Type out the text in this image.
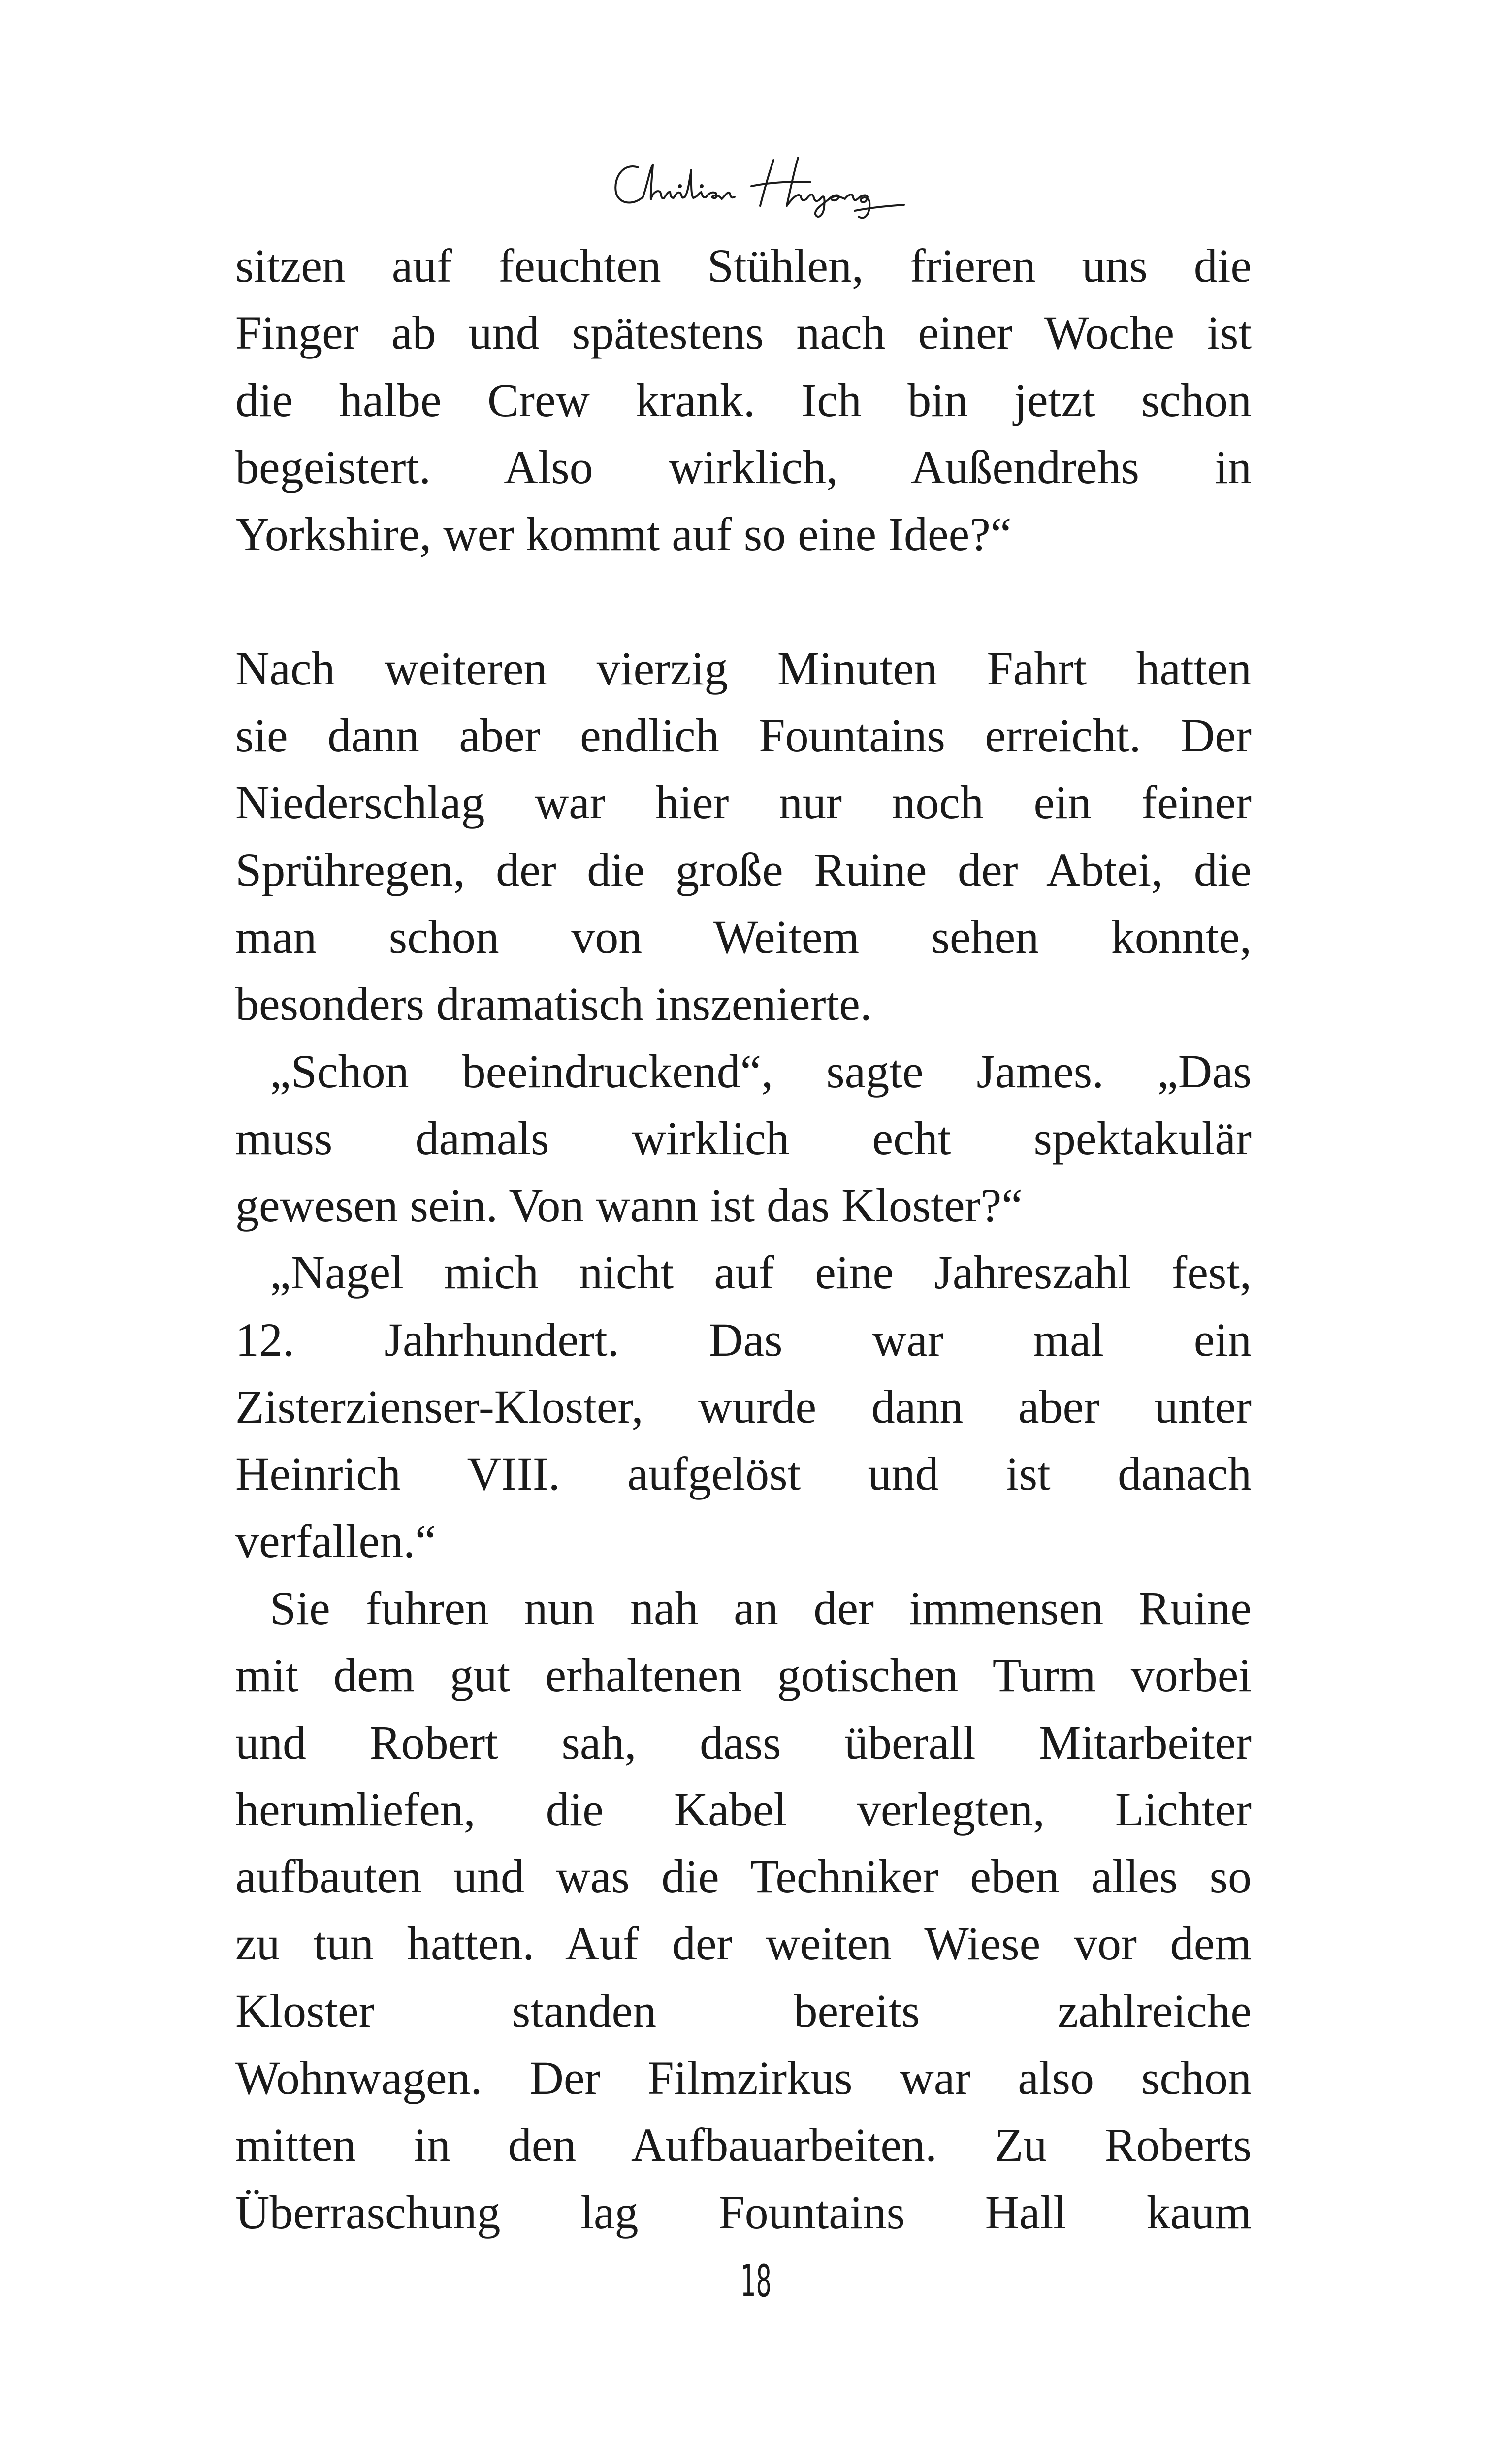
sitzen auf feuchten Stühlen, frieren uns die
Finger ab und spätestens nach einer Woche ist
die halbe Crew krank. Ich bin jetzt schon
begeistert. Also wirklich, Außendrehs in
Yorkshire, wer kommt auf so eine Idee?“
Nach weiteren vierzig Minuten Fahrt hatten
sie dann aber endlich Fountains erreicht. Der
Niederschlag war hier nur noch ein feiner
Sprühregen, der die große Ruine der Abtei, die
man schon von Weitem sehen konnte,
besonders dramatisch inszenierte.
„Schon beeindruckend“, sagte James. „Das
muss damals wirklich echt spektakulär
gewesen sein. Von wann ist das Kloster?“
„Nagel mich nicht auf eine Jahreszahl fest,
12. Jahrhundert. Das war mal ein
Zisterzienser-Kloster, wurde dann aber unter
Heinrich VIII. aufgelöst und ist danach
verfallen.“
Sie fuhren nun nah an der immensen Ruine
mit dem gut erhaltenen gotischen Turm vorbei
und Robert sah, dass überall Mitarbeiter
herumliefen, die Kabel verlegten, Lichter
aufbauten und was die Techniker eben alles so
zu tun hatten. Auf der weiten Wiese vor dem
Kloster standen bereits zahlreiche
Wohnwagen. Der Filmzirkus war also schon
mitten in den Aufbauarbeiten. Zu Roberts
Überraschung lag Fountains Hall kaum
18
